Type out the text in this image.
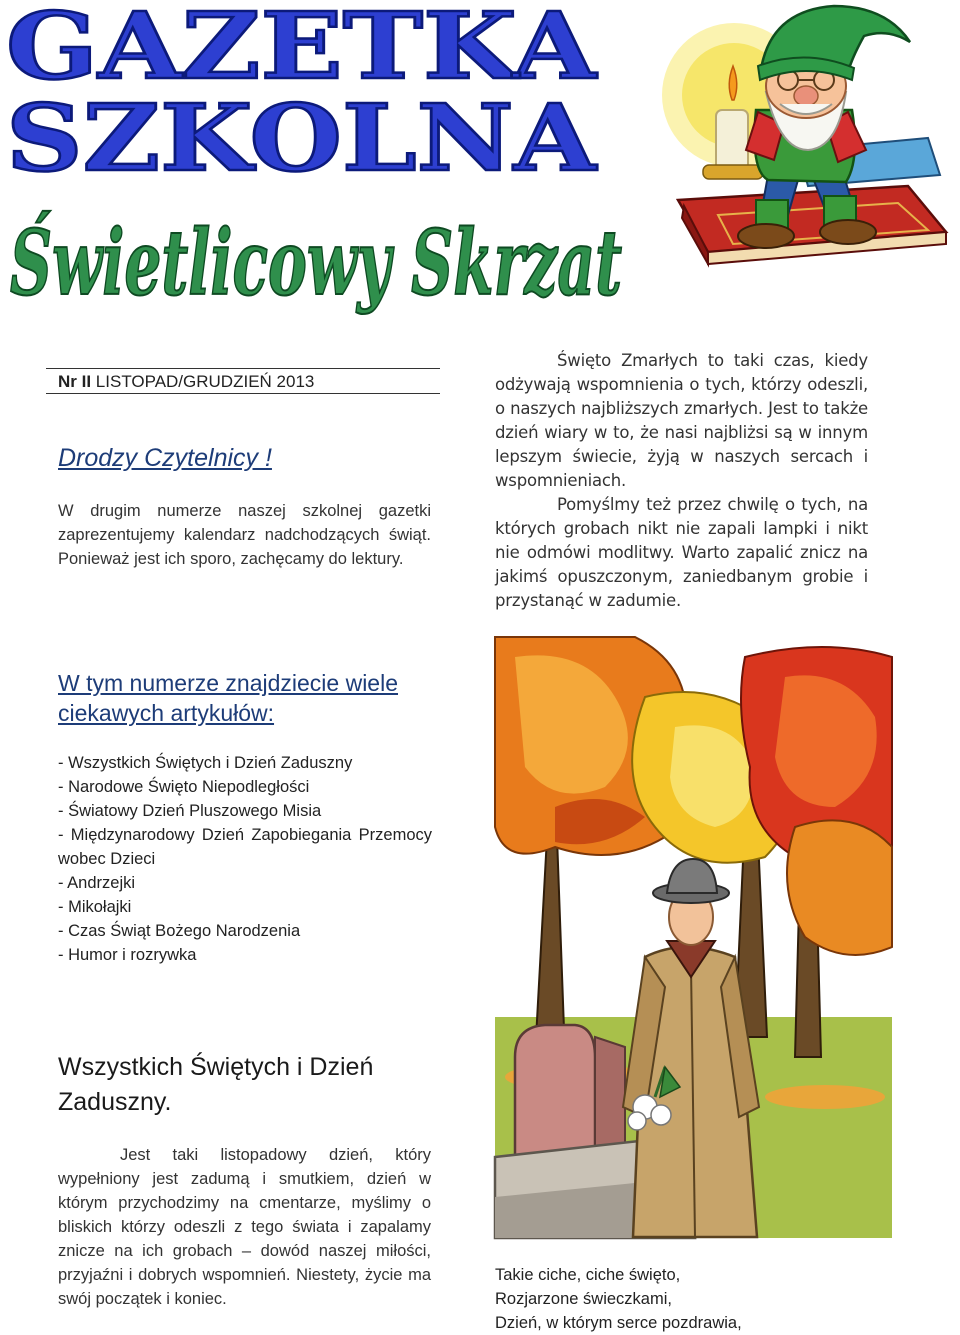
GAZETKA
SZKOLNA
Świetlicowy Skrzat
Nr II LISTOPAD/GRUDZIEŃ 2013
Drodzy Czytelnicy !
W drugim numerze naszej szkolnej gazetki zaprezentujemy kalendarz nadchodzących świąt. Ponieważ jest ich sporo, zachęcamy do lektury.

Święto Zmarłych to taki czas, kiedy odżywają wspomnienia o tych, którzy odeszli, o naszych najbliższych zmarłych. Jest to także dzień wiary w to, że nasi najbliżsi są w innym lepszym świecie, żyją w naszych sercach i wspomnieniach.

Pomyślmy też przez chwilę o tych, na których grobach nikt nie zapali lampki i nikt nie odmówi modlitwy. Warto zapalić znicz na jakimś opuszczonym, zaniedbanym grobie i przystanąć w zadumie.

W tym numerze znajdziecie wiele ciekawych artykułów:
- Wszystkich Świętych i Dzień Zaduszny
- Narodowe Święto Niepodległości
- Światowy Dzień Pluszowego Misia
- Międzynarodowy Dzień Zapobiegania Przemocy wobec Dzieci
- Andrzejki
- Mikołajki
- Czas Świąt Bożego Narodzenia
- Humor i rozrywka
Wszystkich Świętych i Dzień Zaduszny.
Jest taki listopadowy dzień, który wypełniony jest zadumą i smutkiem, dzień w którym przychodzimy na cmentarze, myślimy o bliskich którzy odeszli z tego świata i zapalamy znicze na ich grobach – dowód naszej miłości, przyjaźni i dobrych wspomnień. Niestety, życie ma swój początek i koniec.
Takie ciche, ciche święto,
Rozjarzone świeczkami,
Dzień, w którym serce pozdrawia,
